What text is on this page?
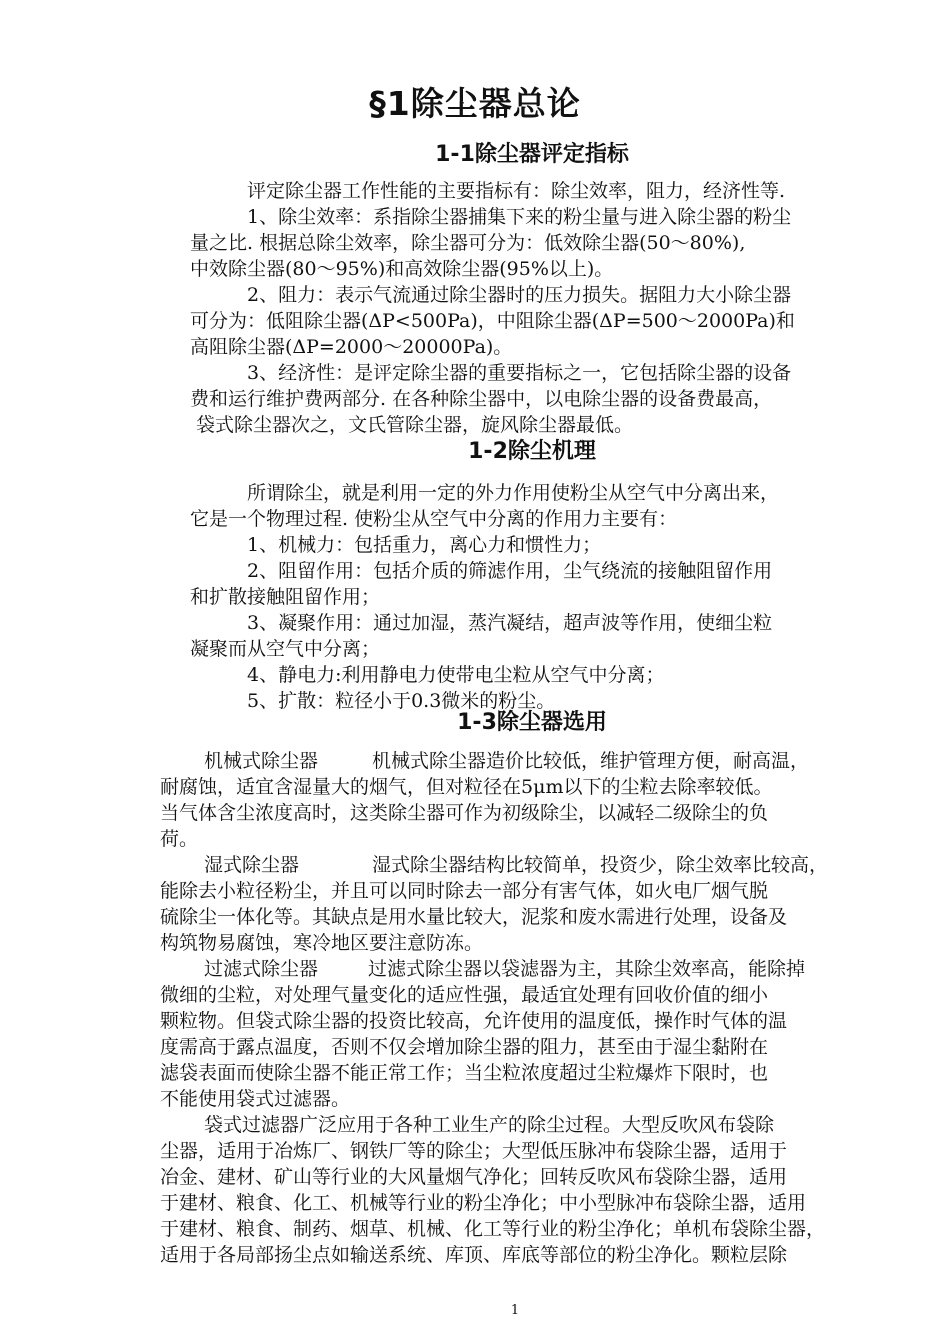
§1除尘器总论
1-1除尘器评定指标
评定除尘器工作性能的主要指标有：除尘效率，阻力，经济性等.
1、除尘效率：系指除尘器捕集下来的粉尘量与进入除尘器的粉尘
量之比. 根据总除尘效率，除尘器可分为：低效除尘器(50～80%),
中效除尘器(80～95%)和高效除尘器(95%以上)。
2、阻力：表示气流通过除尘器时的压力损失。据阻力大小除尘器
可分为：低阻除尘器(ΔP<500Pa)，中阻除尘器(ΔP=500～2000Pa)和
高阻除尘器(ΔP=2000～20000Pa)。
3、经济性：是评定除尘器的重要指标之一，它包括除尘器的设备
费和运行维护费两部分. 在各种除尘器中，以电除尘器的设备费最高，
袋式除尘器次之，文氏管除尘器，旋风除尘器最低。
1-2除尘机理
所谓除尘，就是利用一定的外力作用使粉尘从空气中分离出来，
它是一个物理过程. 使粉尘从空气中分离的作用力主要有：
1、机械力：包括重力，离心力和惯性力；
2、阻留作用：包括介质的筛滤作用，尘气绕流的接触阻留作用
和扩散接触阻留作用；
3、凝聚作用：通过加湿，蒸汽凝结，超声波等作用，使细尘粒
凝聚而从空气中分离；
4、静电力:利用静电力使带电尘粒从空气中分离；
5、扩散：粒径小于0.3微米的粉尘。
1-3除尘器选用
机械式除尘器	机械式除尘器造价比较低，维护管理方便，耐高温，
耐腐蚀，适宜含湿量大的烟气，但对粒径在5μm以下的尘粒去除率较低。
当气体含尘浓度高时，这类除尘器可作为初级除尘，以减轻二级除尘的负
荷。
湿式除尘器	湿式除尘器结构比较简单，投资少，除尘效率比较高，
能除去小粒径粉尘，并且可以同时除去一部分有害气体，如火电厂烟气脱
硫除尘一体化等。其缺点是用水量比较大，泥浆和废水需进行处理，设备及
构筑物易腐蚀，寒冷地区要注意防冻。
过滤式除尘器	过滤式除尘器以袋滤器为主，其除尘效率高，能除掉
微细的尘粒，对处理气量变化的适应性强，最适宜处理有回收价值的细小
颗粒物。但袋式除尘器的投资比较高，允许使用的温度低，操作时气体的温
度需高于露点温度，否则不仅会增加除尘器的阻力，甚至由于湿尘黏附在
滤袋表面而使除尘器不能正常工作；当尘粒浓度超过尘粒爆炸下限时，也
不能使用袋式过滤器。
袋式过滤器广泛应用于各种工业生产的除尘过程。大型反吹风布袋除
尘器，适用于冶炼厂、钢铁厂等的除尘；大型低压脉冲布袋除尘器，适用于
冶金、建材、矿山等行业的大风量烟气净化；回转反吹风布袋除尘器，适用
于建材、粮食、化工、机械等行业的粉尘净化；中小型脉冲布袋除尘器，适用
于建材、粮食、制药、烟草、机械、化工等行业的粉尘净化；单机布袋除尘器，
适用于各局部扬尘点如输送系统、库顶、库底等部位的粉尘净化。颗粒层除
1
